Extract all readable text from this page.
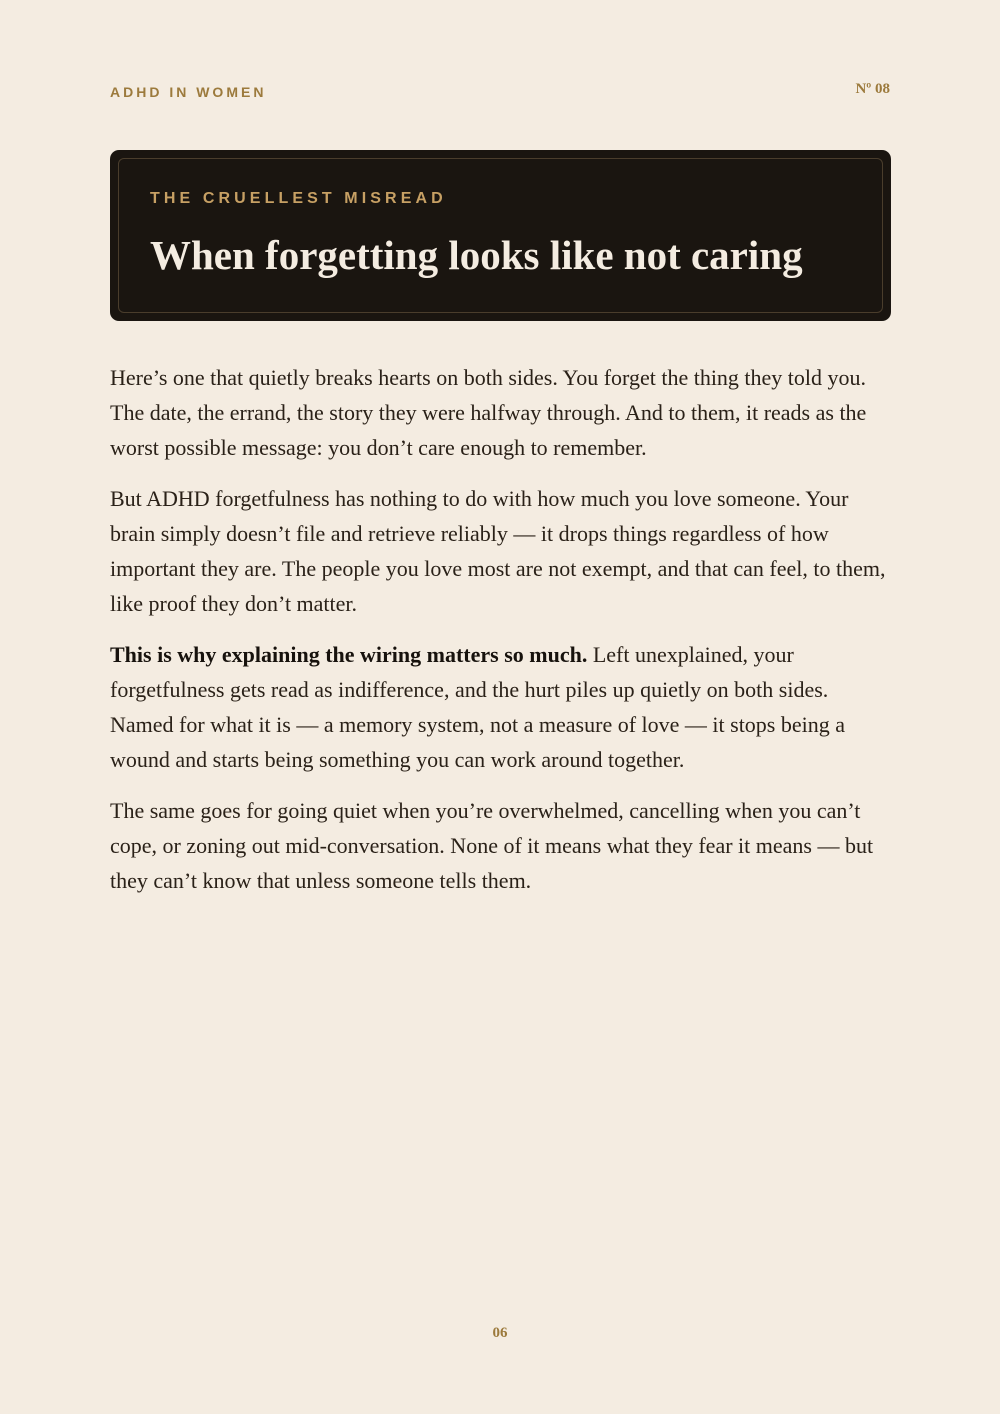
ADHD IN WOMEN	Nº 08
THE CRUELLEST MISREAD
When forgetting looks like not caring

Here’s one that quietly breaks hearts on both sides. You forget the thing they told you. The date, the errand, the story they were halfway through. And to them, it reads as the worst possible message: you don’t care enough to remember.

But ADHD forgetfulness has nothing to do with how much you love someone. Your brain simply doesn’t file and retrieve reliably — it drops things regardless of how important they are. The people you love most are not exempt, and that can feel, to them, like proof they don’t matter.

This is why explaining the wiring matters so much. Left unexplained, your forgetfulness gets read as indifference, and the hurt piles up quietly on both sides. Named for what it is — a memory system, not a measure of love — it stops being a wound and starts being something you can work around together.

The same goes for going quiet when you’re overwhelmed, cancelling when you can’t cope, or zoning out mid-conversation. None of it means what they fear it means — but they can’t know that unless someone tells them.

06
